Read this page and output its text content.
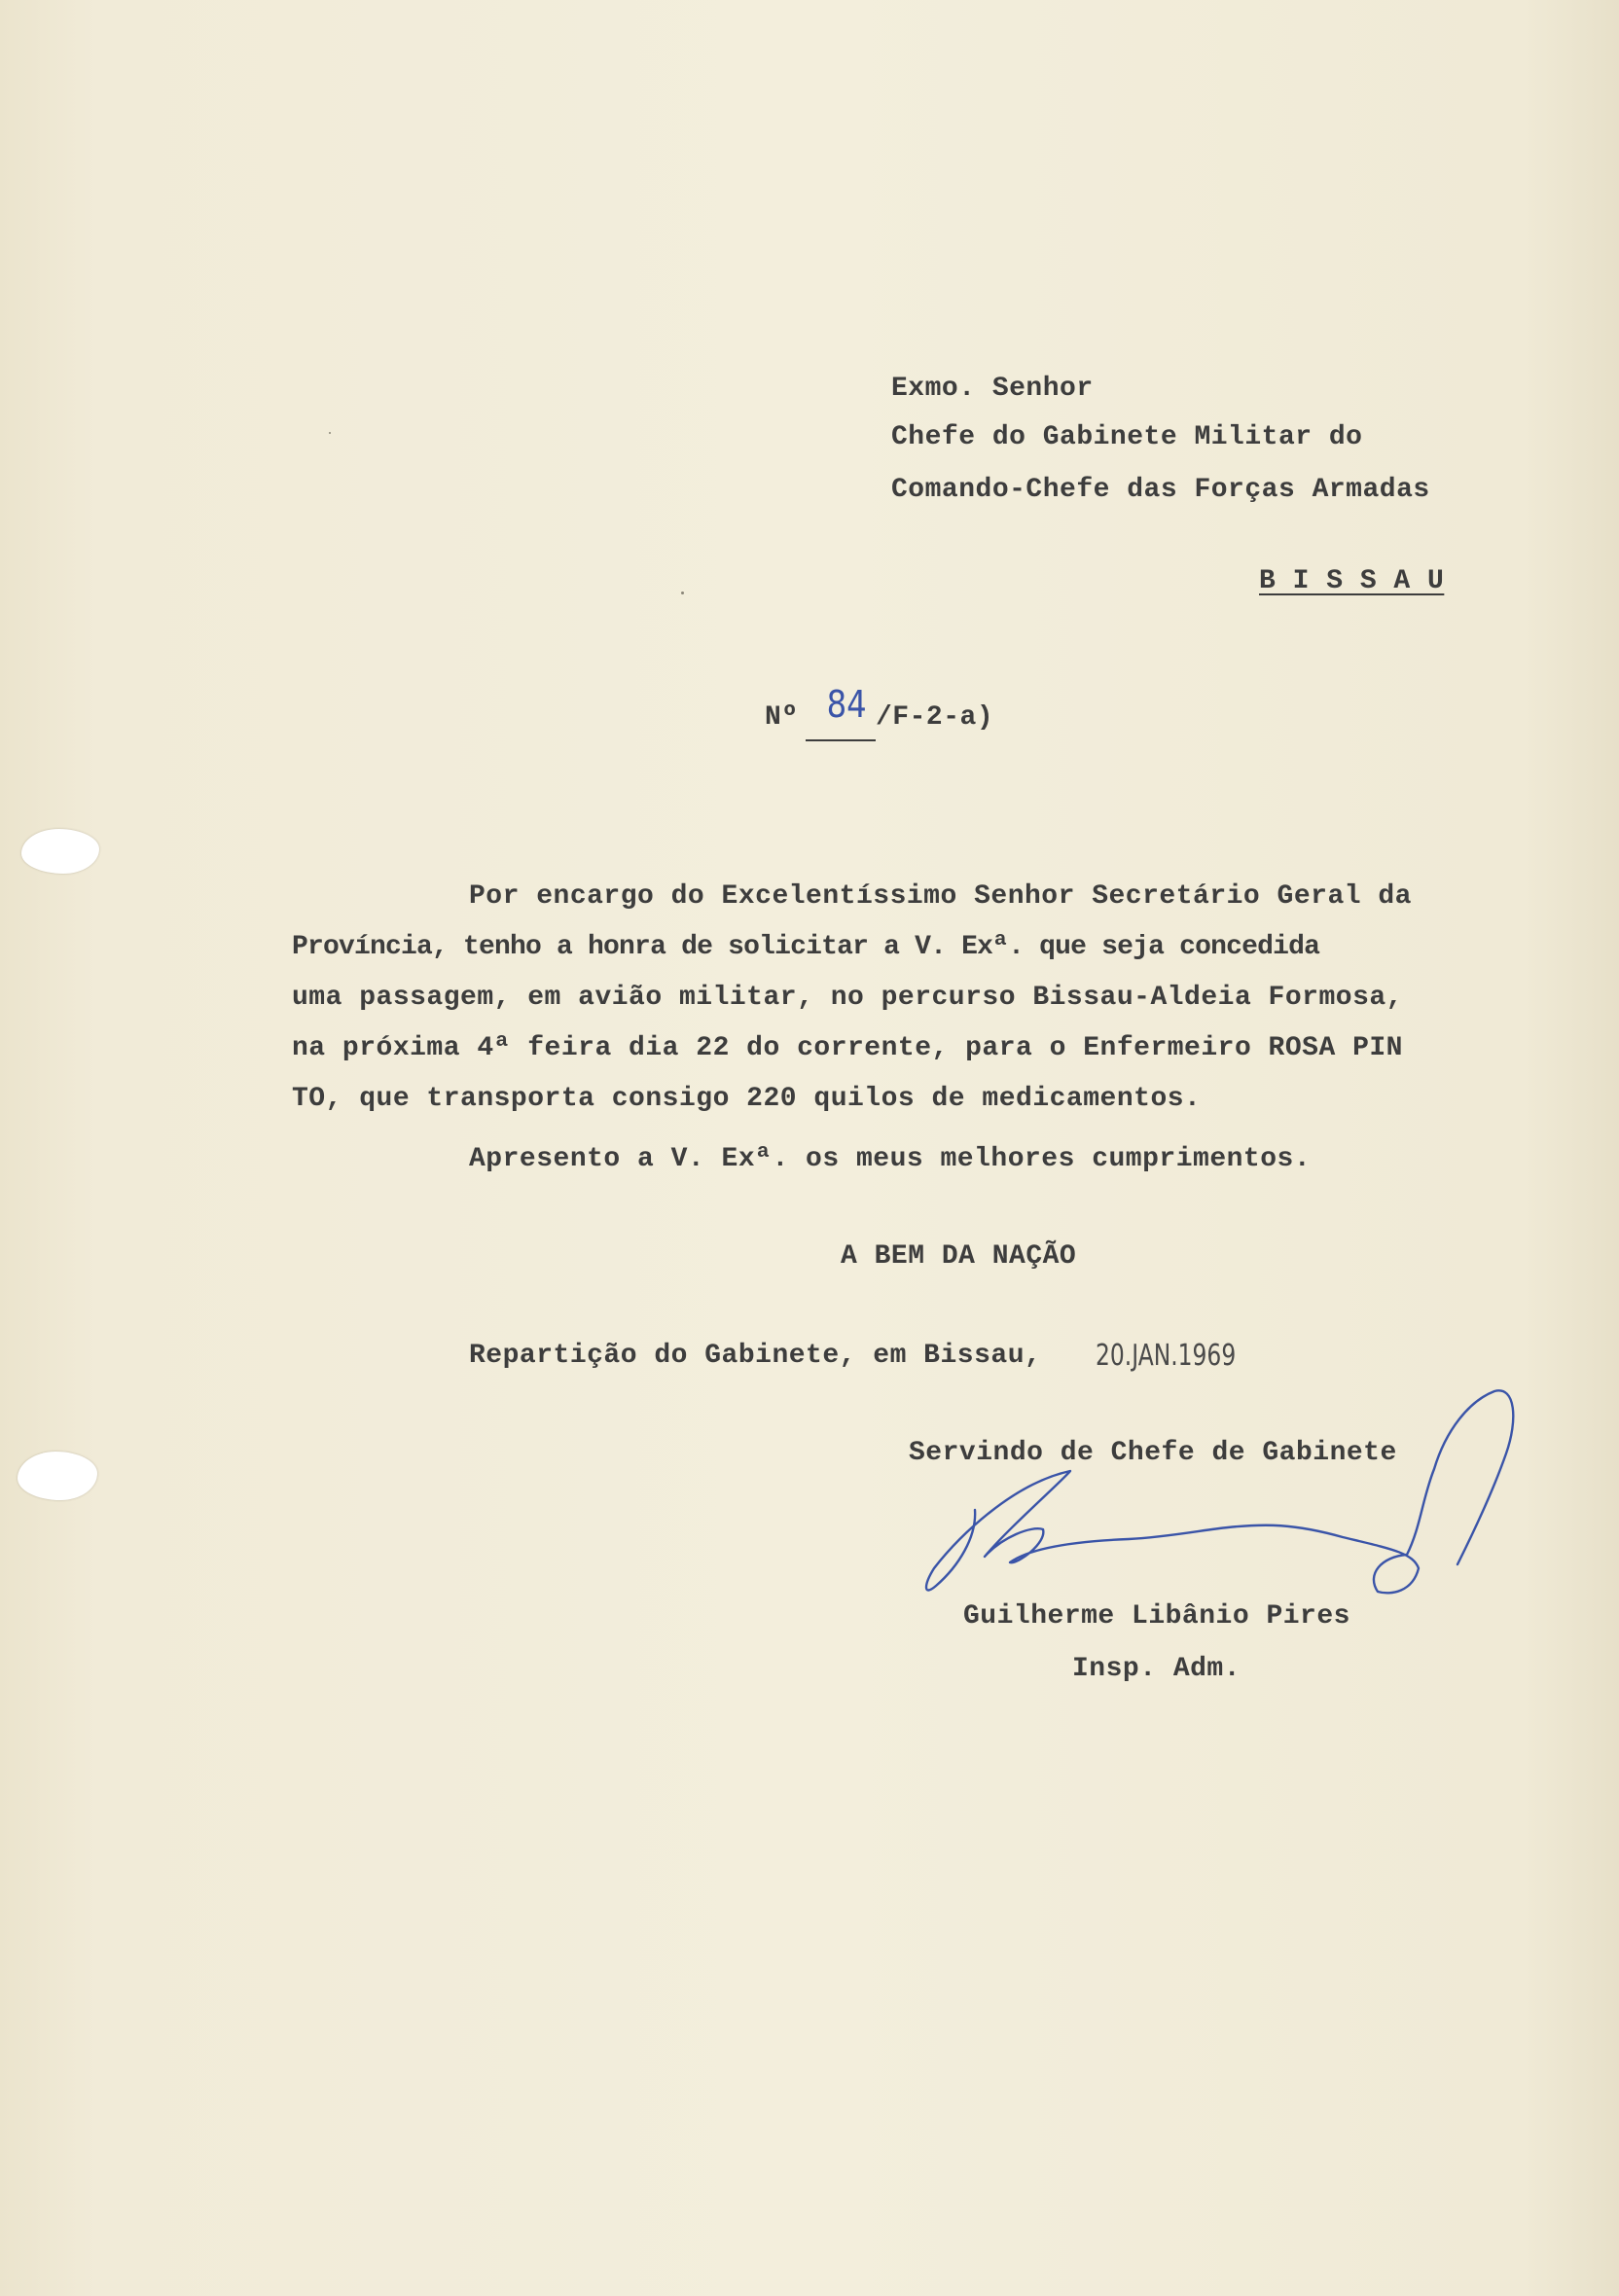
Exmo. Senhor
Chefe do Gabinete Militar do
Comando-Chefe das Forças Armadas
B I S S A U
Nº 84 /F-2-a)
Por encargo do Excelentíssimo Senhor Secretário Geral da
Província, tenho a honra de solicitar a V. Exª. que seja concedida
uma passagem, em avião militar, no percurso Bissau-Aldeia Formosa,
na próxima 4ª feira dia 22 do corrente, para o Enfermeiro ROSA PIN
TO, que transporta consigo 220 quilos de medicamentos.
Apresento a V. Exª. os meus melhores cumprimentos.
A BEM DA NAÇÃO
Repartição do Gabinete, em Bissau, 20.JAN.1969
Servindo de Chefe de Gabinete
Guilherme Libânio Pires
Insp. Adm.
